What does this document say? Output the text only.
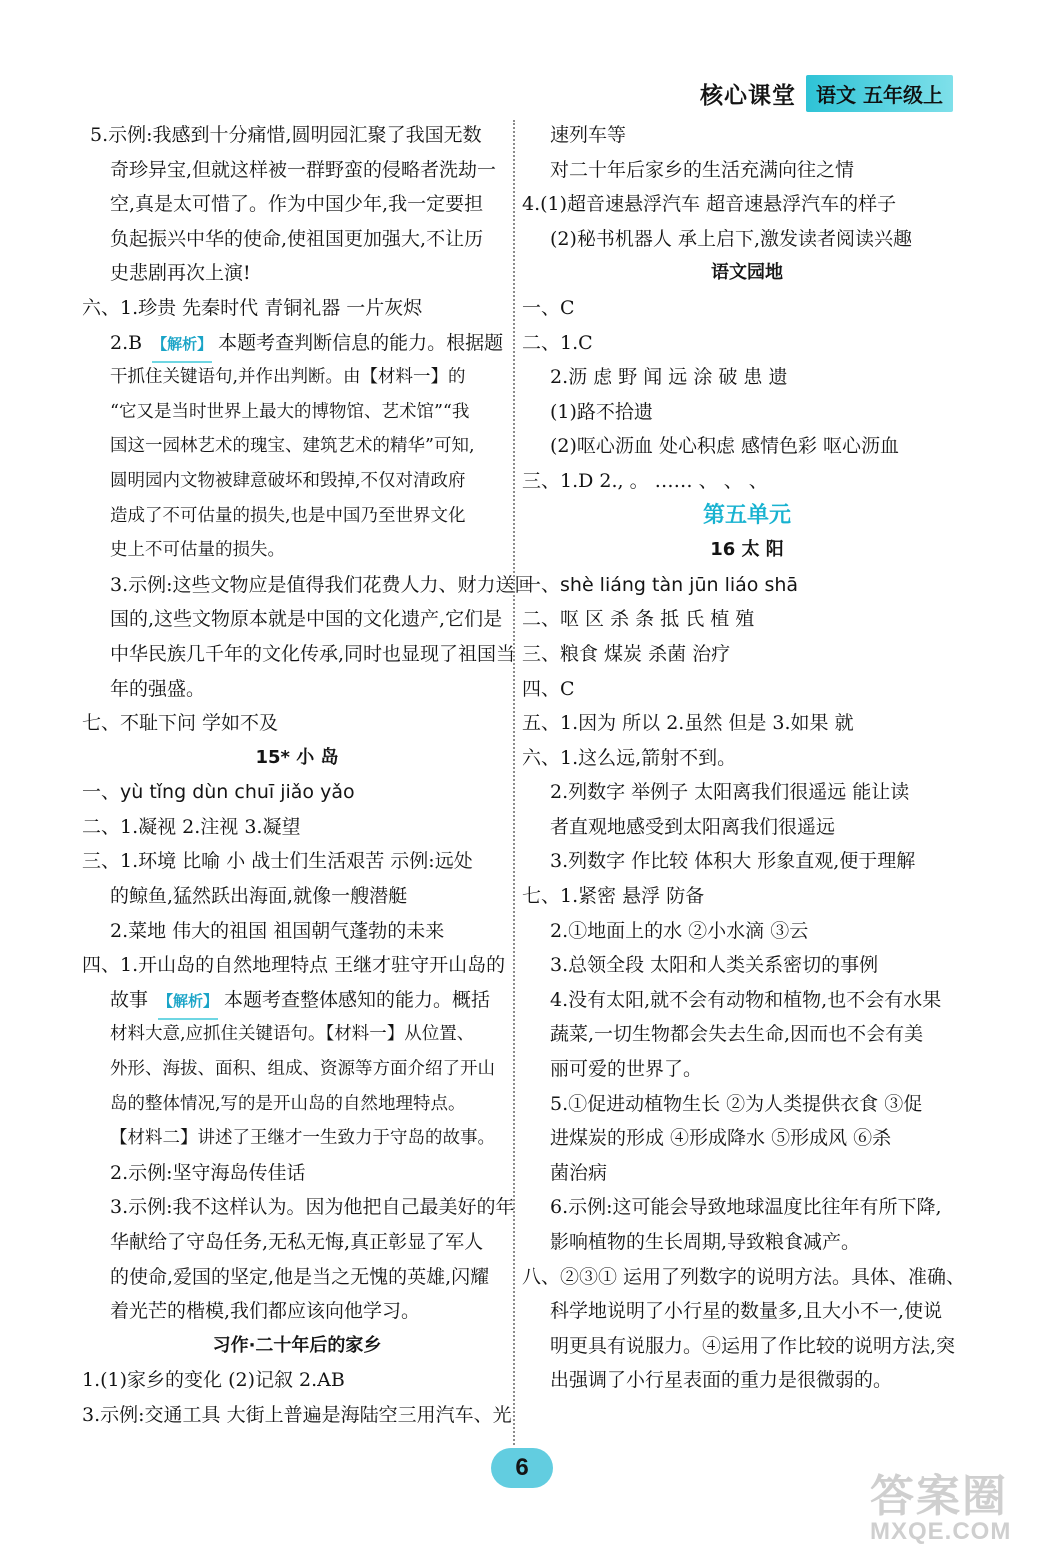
核心课堂	语文 五年级上
5.示例:我感到十分痛惜,圆明园汇聚了我国无数
奇珍异宝,但就这样被一群野蛮的侵略者洗劫一
空,真是太可惜了。作为中国少年,我一定要担
负起振兴中华的使命,使祖国更加强大,不让历
史悲剧再次上演!
六、1.珍贵 先秦时代 青铜礼器 一片灰烬
2.B 【解析】 本题考查判断信息的能力。根据题
干抓住关键语句,并作出判断。由【材料一】的
“它又是当时世界上最大的博物馆、艺术馆”“我
国这一园林艺术的瑰宝、建筑艺术的精华”可知,
圆明园内文物被肆意破坏和毁掉,不仅对清政府
造成了不可估量的损失,也是中国乃至世界文化
史上不可估量的损失。
3.示例:这些文物应是值得我们花费人力、财力送回
国的,这些文物原本就是中国的文化遗产,它们是
中华民族几千年的文化传承,同时也显现了祖国当
年的强盛。
七、不耻下问 学如不及
15* 小 岛
一、yù tǐng dùn chuī jiǎo yǎo
二、1.凝视 2.注视 3.凝望
三、1.环境 比喻 小 战士们生活艰苦 示例:远处
的鲸鱼,猛然跃出海面,就像一艘潜艇
2.菜地 伟大的祖国 祖国朝气蓬勃的未来
四、1.开山岛的自然地理特点 王继才驻守开山岛的
故事 【解析】 本题考查整体感知的能力。概括
材料大意,应抓住关键语句。【材料一】从位置、
外形、海拔、面积、组成、资源等方面介绍了开山
岛的整体情况,写的是开山岛的自然地理特点。
【材料二】讲述了王继才一生致力于守岛的故事。
2.示例:坚守海岛传佳话
3.示例:我不这样认为。因为他把自己最美好的年
华献给了守岛任务,无私无悔,真正彰显了军人
的使命,爱国的坚定,他是当之无愧的英雄,闪耀
着光芒的楷模,我们都应该向他学习。
习作·二十年后的家乡
1.(1)家乡的变化 (2)记叙 2.AB
3.示例:交通工具 大街上普遍是海陆空三用汽车、光
速列车等
对二十年后家乡的生活充满向往之情
4.(1)超音速悬浮汽车 超音速悬浮汽车的样子
(2)秘书机器人 承上启下,激发读者阅读兴趣
语文园地
一、C
二、1.C
2.沥 虑 野 闻 远 涂 破 患 遗
(1)路不拾遗
(2)呕心沥血 处心积虑 感情色彩 呕心沥血
三、1.D 2., 。 …… 、 、 、
第五单元
16 太 阳
一、shè liáng tàn jūn liáo shā
二、呕 区 杀 条 抵 氏 植 殖
三、粮食 煤炭 杀菌 治疗
四、C
五、1.因为 所以 2.虽然 但是 3.如果 就
六、1.这么远,箭射不到。
2.列数字 举例子 太阳离我们很遥远 能让读
者直观地感受到太阳离我们很遥远
3.列数字 作比较 体积大 形象直观,便于理解
七、1.紧密 悬浮 防备
2.①地面上的水 ②小水滴 ③云
3.总领全段 太阳和人类关系密切的事例
4.没有太阳,就不会有动物和植物,也不会有水果
蔬菜,一切生物都会失去生命,因而也不会有美
丽可爱的世界了。
5.①促进动植物生长 ②为人类提供衣食 ③促
进煤炭的形成 ④形成降水 ⑤形成风 ⑥杀
菌治病
6.示例:这可能会导致地球温度比往年有所下降,
影响植物的生长周期,导致粮食减产。
八、②③① 运用了列数字的说明方法。具体、准确、
科学地说明了小行星的数量多,且大小不一,使说
明更具有说服力。④运用了作比较的说明方法,突
出强调了小行星表面的重力是很微弱的。
6
答案圈
MXQE.COM
